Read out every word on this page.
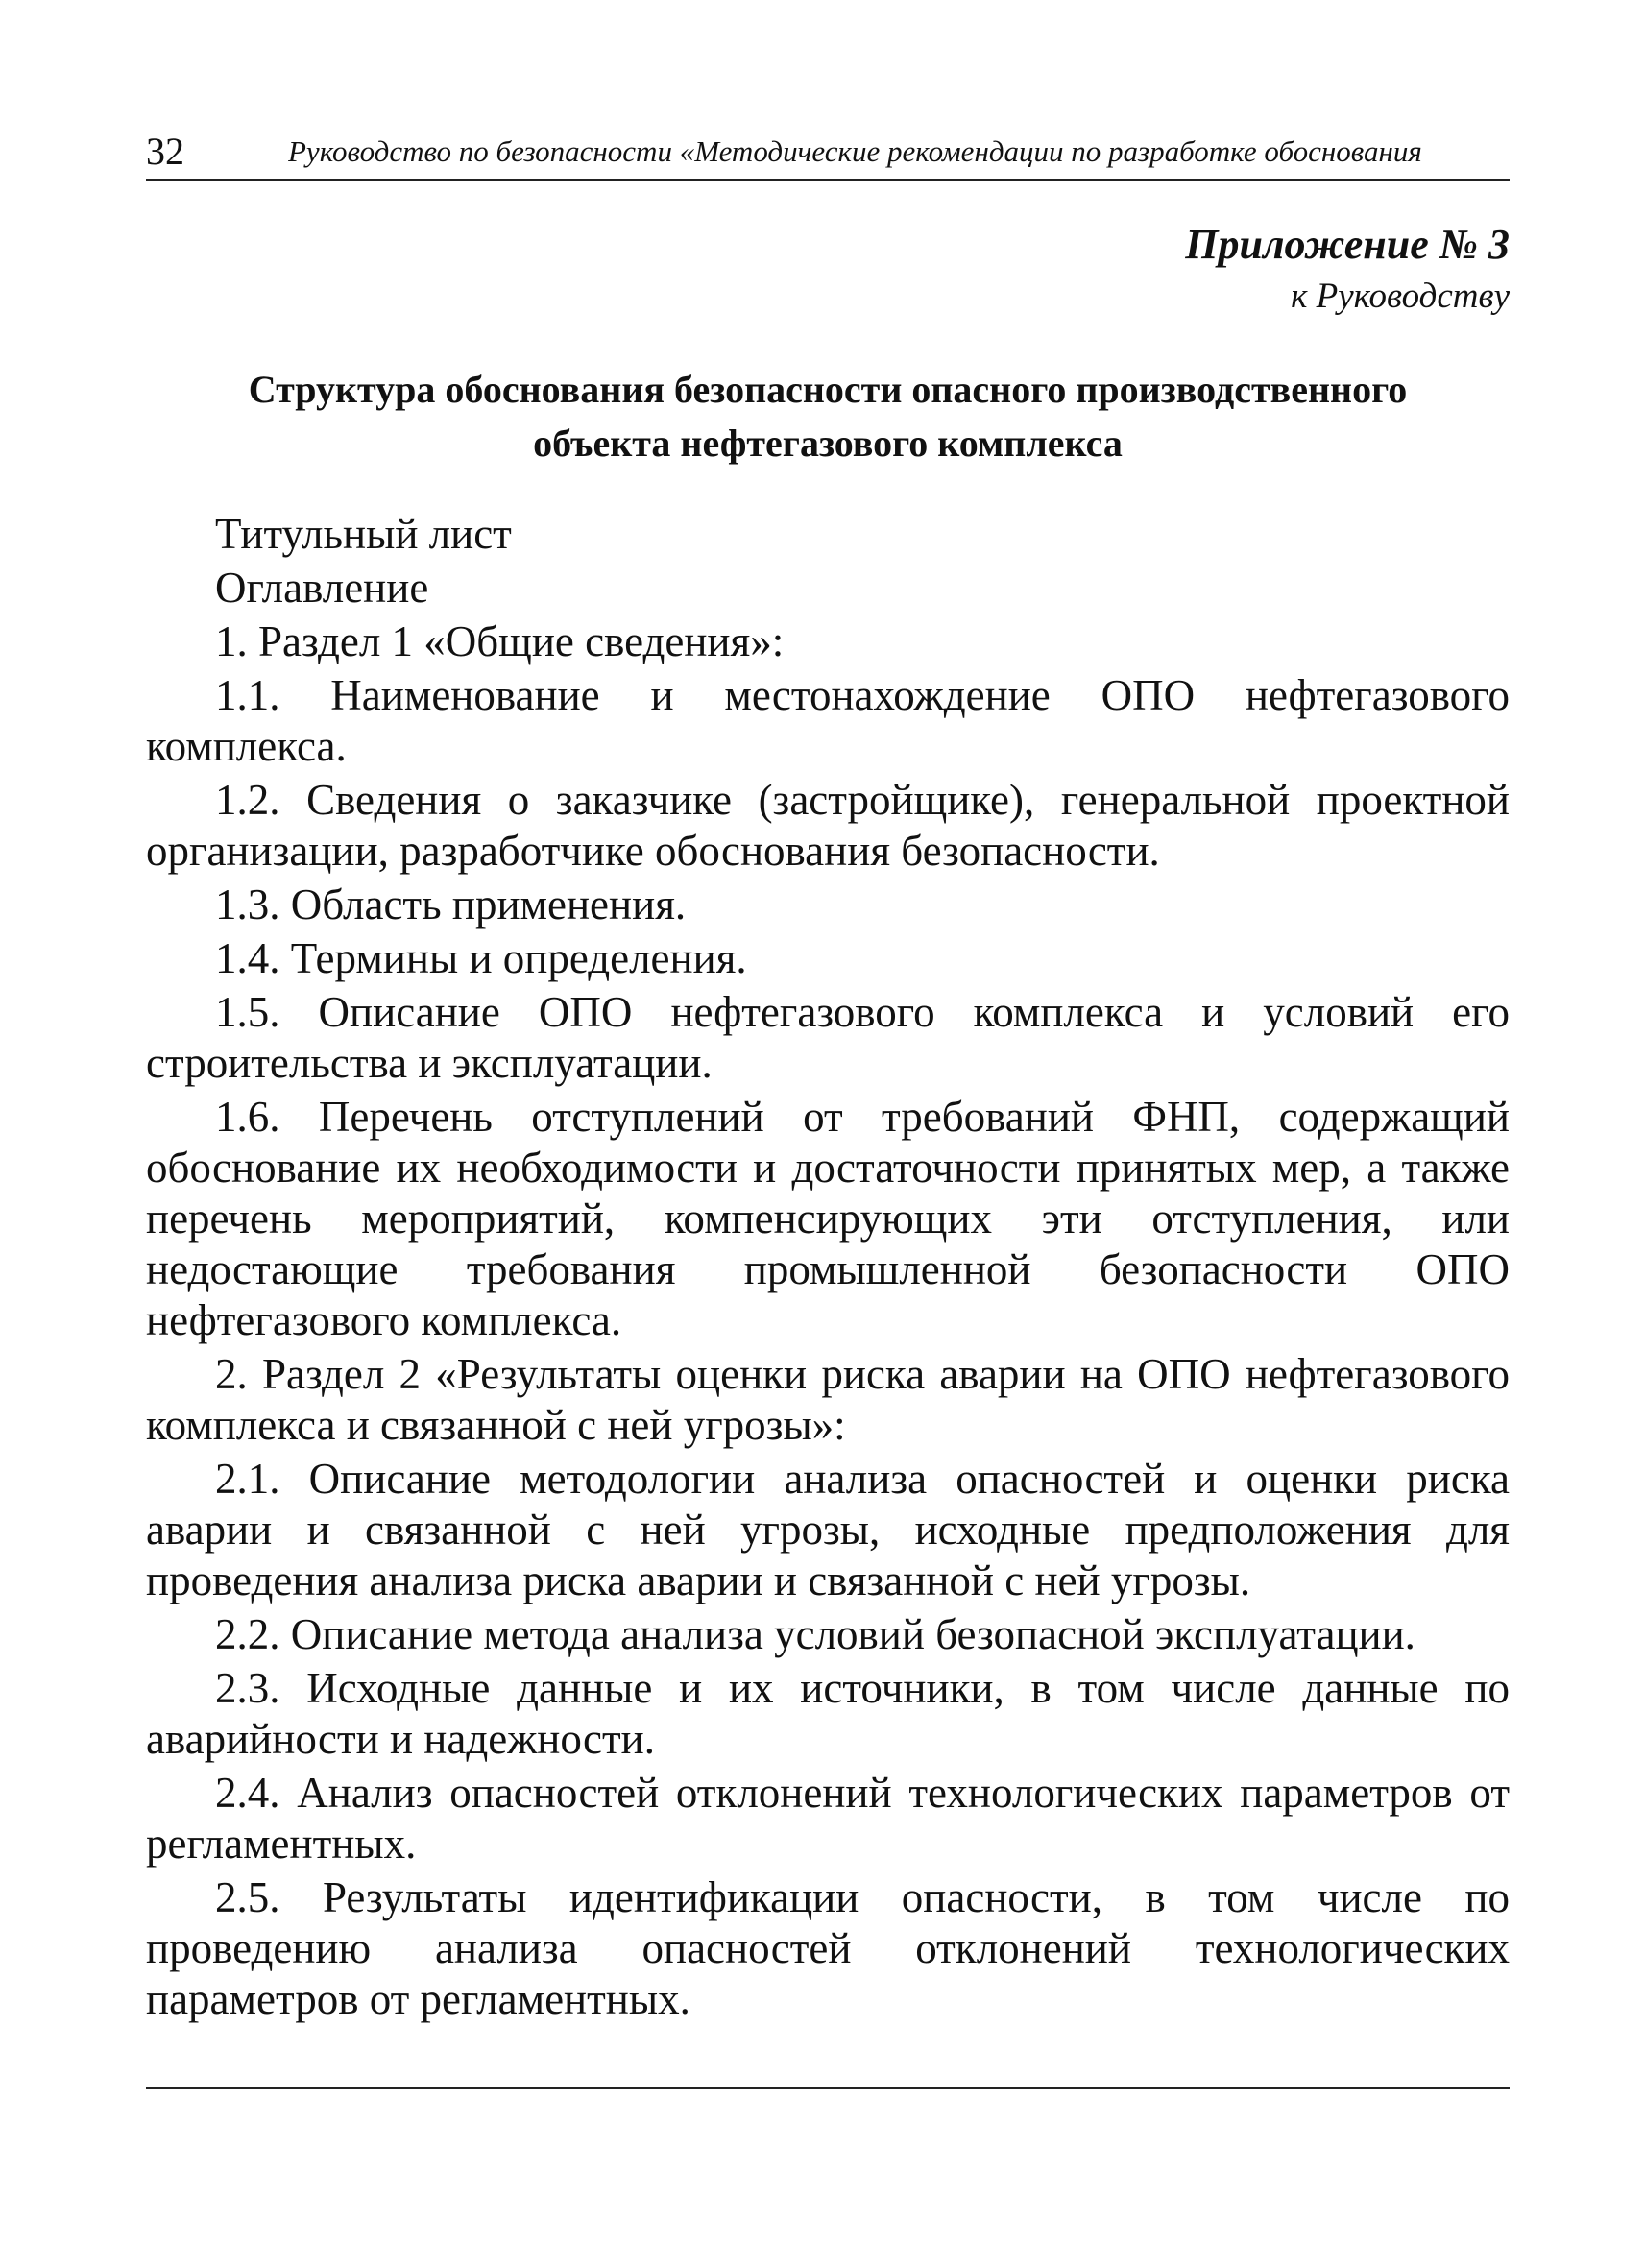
32	Руководство по безопасности «Методические рекомендации по разработке обоснования
Приложение № 3
к Руководству
Структура обоснования безопасности опасного производственного
объекта нефтегазового комплекса

Титульный лист

Оглавление

1. Раздел 1 «Общие сведения»:

1.1. Наименование и местонахождение ОПО нефтегазового комплекса.

1.2. Сведения о заказчике (застройщике), генеральной проектной организации, разработчике обоснования безопасности.

1.3. Область применения.

1.4. Термины и определения.

1.5. Описание ОПО нефтегазового комплекса и условий его строительства и эксплуатации.

1.6. Перечень отступлений от требований ФНП, содержащий обоснование их необходимости и достаточности принятых мер, а также перечень мероприятий, компенсирующих эти отступления, или недостающие требования промышленной безопасности ОПО нефтегазового комплекса.

2. Раздел 2 «Результаты оценки риска аварии на ОПО нефтегазового комплекса и связанной с ней угрозы»:

2.1. Описание методологии анализа опасностей и оценки риска аварии и связанной с ней угрозы, исходные предположения для проведения анализа риска аварии и связанной с ней угрозы.

2.2. Описание метода анализа условий безопасной эксплуатации.

2.3. Исходные данные и их источники, в том числе данные по аварийности и надежности.

2.4. Анализ опасностей отклонений технологических параметров от регламентных.

2.5. Результаты идентификации опасности, в том числе по проведению анализа опасностей отклонений технологических параметров от регламентных.
